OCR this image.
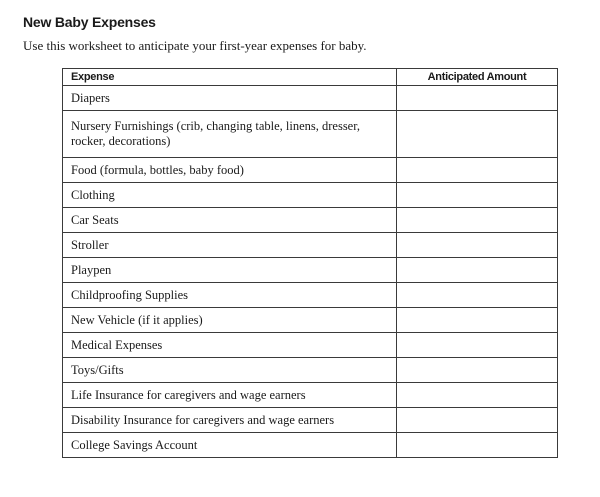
New Baby Expenses

Use this worksheet to anticipate your first-year expenses for baby.

Expense	Anticipated Amount
Diapers	
Nursery Furnishings (crib, changing table, linens, dresser, rocker, decorations)	
Food (formula, bottles, baby food)	
Clothing	
Car Seats	
Stroller	
Playpen	
Childproofing Supplies	
New Vehicle (if it applies)	
Medical Expenses	
Toys/Gifts	
Life Insurance for caregivers and wage earners	
Disability Insurance for caregivers and wage earners	
College Savings Account	
